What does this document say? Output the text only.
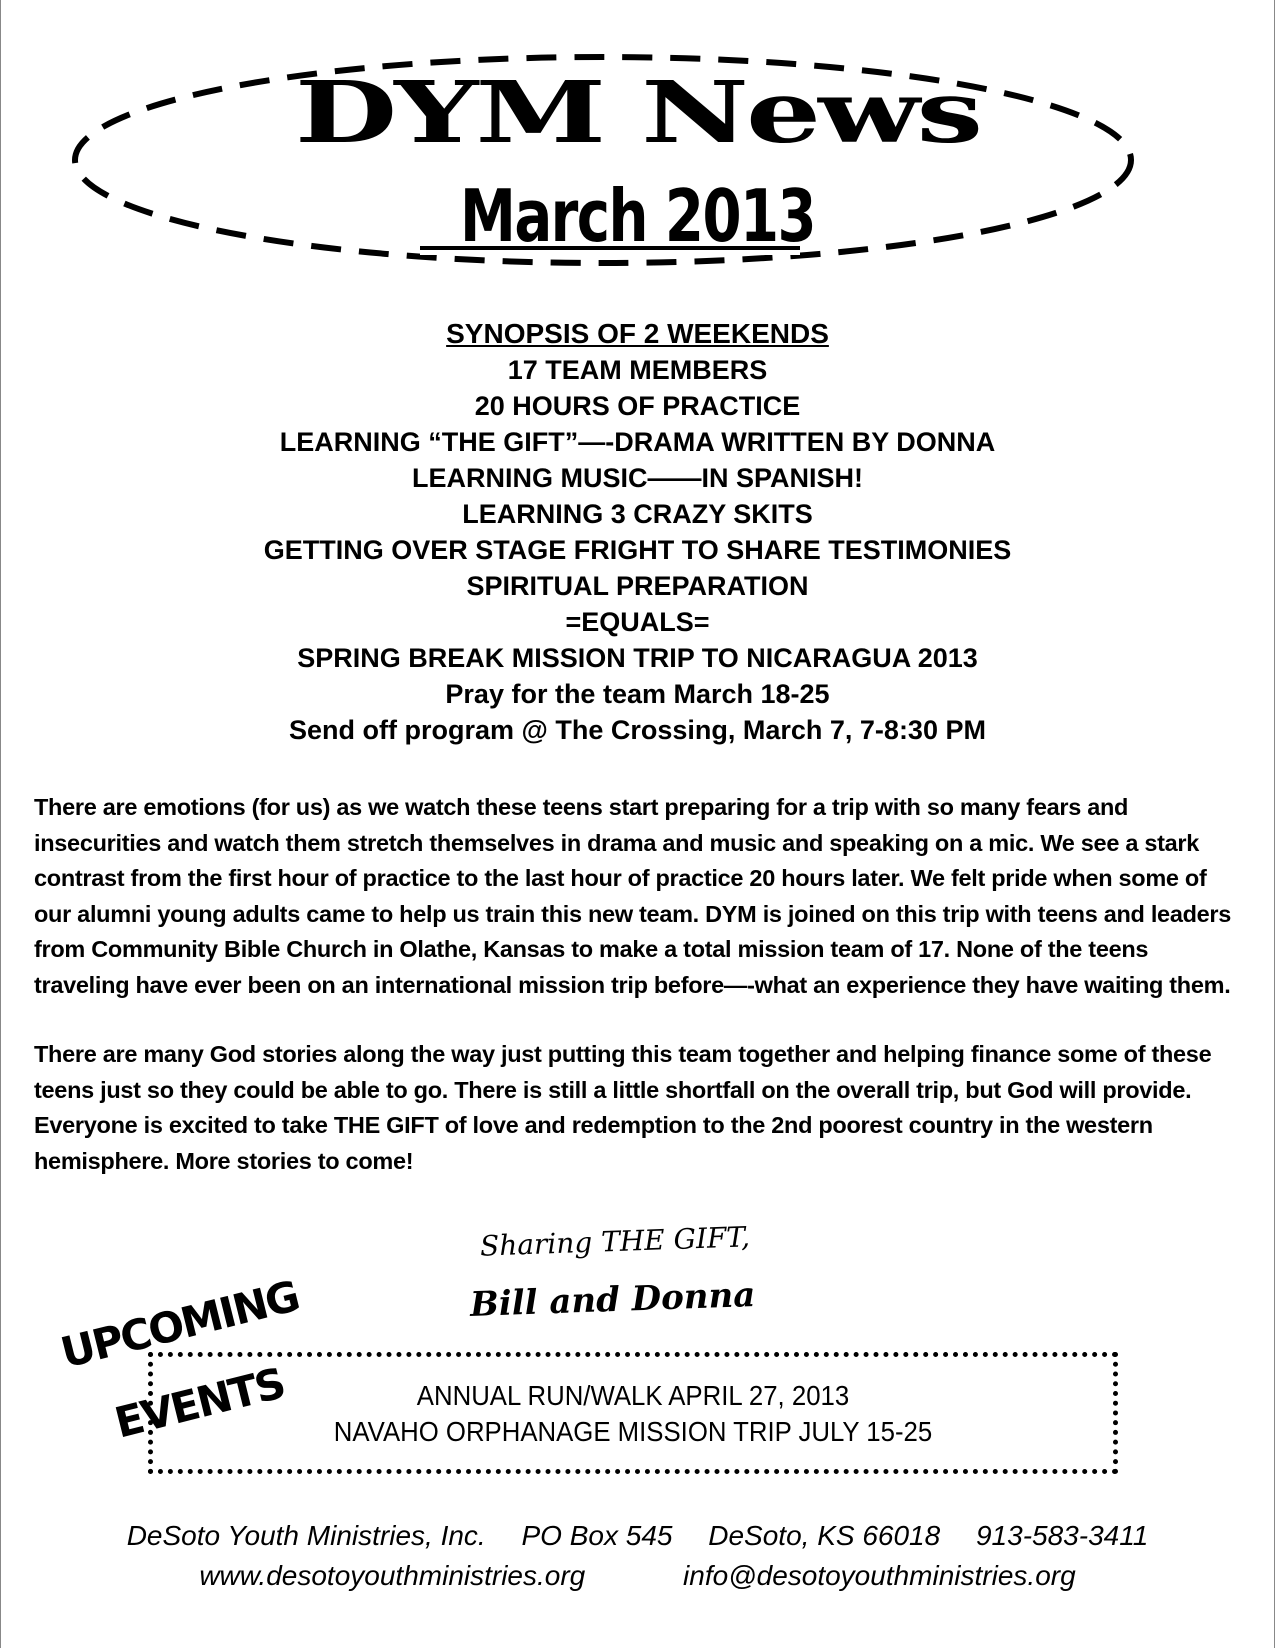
DYM News
March 2013
SYNOPSIS OF 2 WEEKENDS
17 TEAM MEMBERS
20 HOURS OF PRACTICE
LEARNING “THE GIFT”—-DRAMA WRITTEN BY DONNA
LEARNING MUSIC——IN SPANISH!
LEARNING 3 CRAZY SKITS
GETTING OVER STAGE FRIGHT TO SHARE TESTIMONIES
SPIRITUAL PREPARATION
=EQUALS=
SPRING BREAK MISSION TRIP TO NICARAGUA 2013
Pray for the team March 18-25
Send off program @ The Crossing, March 7, 7-8:30 PM

There are emotions (for us) as we watch these teens start preparing for a trip with so many fears and insecurities and watch them stretch themselves in drama and music and speaking on a mic. We see a stark contrast from the first hour of practice to the last hour of practice 20 hours later. We felt pride when some of our alumni young adults came to help us train this new team. DYM is joined on this trip with teens and leaders from Community Bible Church in Olathe, Kansas to make a total mission team of 17. None of the teens traveling have ever been on an international mission trip before—-what an experience they have waiting them.

There are many God stories along the way just putting this team together and helping finance some of these teens just so they could be able to go. There is still a little shortfall on the overall trip, but God will provide. Everyone is excited to take THE GIFT of love and redemption to the 2nd poorest country in the western hemisphere. More stories to come!

Sharing THE GIFT,
Bill and Donna
UPCOMING
EVENTS	ANNUAL RUN/WALK APRIL 27, 2013
NAVAHO ORPHANAGE MISSION TRIP JULY 15-25
DeSoto Youth Ministries, Inc. PO Box 545 DeSoto, KS 66018 913-583-3411
www.desotoyouthministries.org	info@desotoyouthministries.org
